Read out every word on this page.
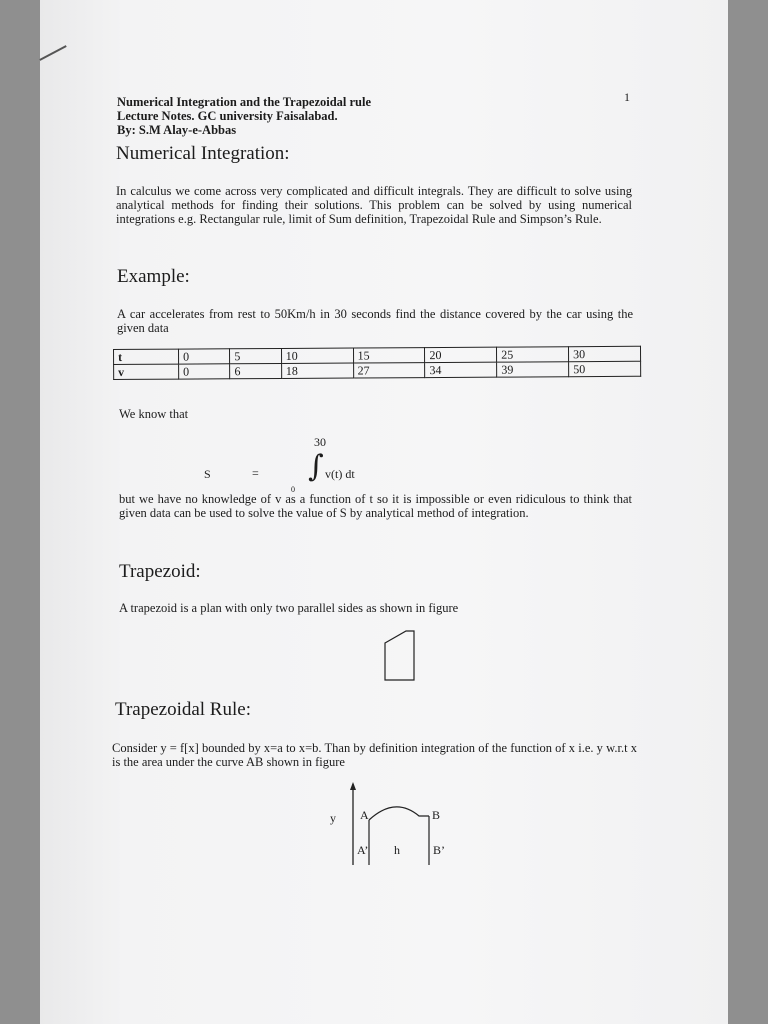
1
Numerical Integration and the Trapezoidal rule
Lecture Notes. GC university Faisalabad.
By: S.M Alay-e-Abbas
Numerical Integration:

In calculus we come across very complicated and difficult integrals. They are difficult to solve using analytical methods for finding their solutions. This problem can be solved by using numerical integrations e.g. Rectangular rule, limit of Sum definition, Trapezoidal Rule and Simpson’s Rule.

Example:

A car accelerates from rest to 50Km/h in 30 seconds find the distance covered by the car using the given data

t	0	5	10	15	20	25	30
v	0	6	18	27	34	39	50

We know that

30
S	= ∫ v(t) dt
0

but we have no knowledge of v as a function of t so it is impossible or even ridiculous to think that given data can be used to solve the value of S by analytical method of integration.

Trapezoid:

A trapezoid is a plan with only two parallel sides as shown in figure

Trapezoidal Rule:

Consider y = f[x] bounded by x=a to x=b. Than by definition integration of the function of x i.e. y w.r.t x is the area under the curve AB shown in figure

y A	B
A’ h	B’
